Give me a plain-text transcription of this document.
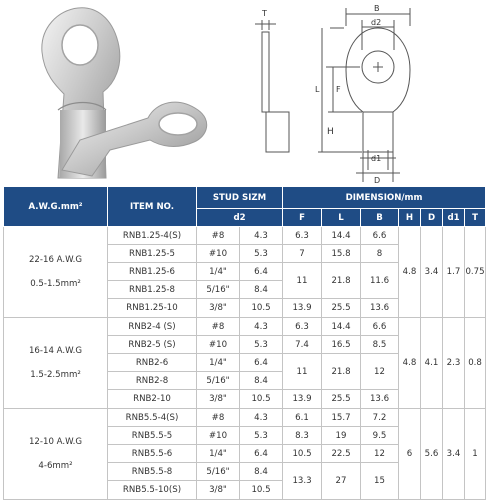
T
B
d2
L F
H
d1
D
A.W.G.mm²	ITEM NO.	STUD SIZM		DIMENSION/mm						
		d2		F	L	B	H	D	d1	T

22-16 A.W.G
0.5-1.5mm²	RNB1.25-4(S)	#8	4.3	6.3	14.4	6.6	4.8	3.4	1.7	0.75
	RNB1.25-5	#10	5.3	7	15.8	8				
	RNB1.25-6	1/4"	6.4	11	21.8	11.6				
	RNB1.25-8	5/16"	8.4							
	RNB1.25-10	3/8"	10.5	13.9	25.5	13.6				

16-14 A.W.G
1.5-2.5mm²	RNB2-4 (S)	#8	4.3	6.3	14.4	6.6	4.8	4.1	2.3	0.8
	RNB2-5 (S)	#10	5.3	7.4	16.5	8.5				
	RNB2-6	1/4"	6.4	11	21.8	12				
	RNB2-8	5/16"	8.4							
	RNB2-10	3/8"	10.5	13.9	25.5	13.6				

12-10 A.W.G
4-6mm²	RNB5.5-4(S)	#8	4.3	6.1	15.7	7.2	6	5.6	3.4	1
	RNB5.5-5	#10	5.3	8.3	19	9.5				
	RNB5.5-6	1/4"	6.4	10.5	22.5	12				
	RNB5.5-8	5/16"	8.4	13.3	27	15				
	RNB5.5-10(S)	3/8"	10.5							
